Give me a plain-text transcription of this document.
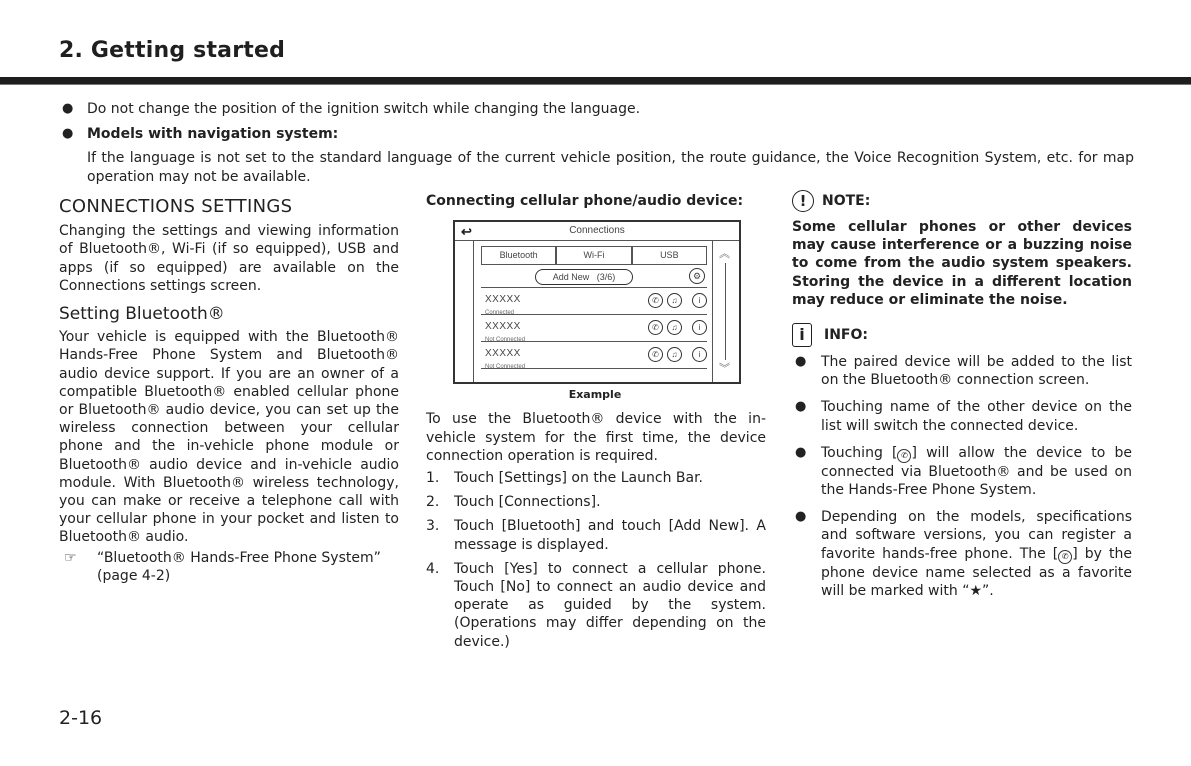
2. Getting started
● Do not change the position of the ignition switch while changing the language.
● Models with navigation system:
If the language is not set to the standard language of the current vehicle position, the route guidance, the Voice Recognition System, etc. for map operation may not be available.
CONNECTIONS SETTINGS

Changing the settings and viewing information of Bluetooth®, Wi-Fi (if so equipped), USB and apps (if so equipped) are available on the Connections settings screen.

Setting Bluetooth®

Your vehicle is equipped with the Bluetooth® Hands-Free Phone System and Bluetooth® audio device support. If you are an owner of a compatible Bluetooth® enabled cellular phone or Bluetooth® audio device, you can set up the wireless connection between your cellular phone and the in-vehicle phone module or Bluetooth® audio device and in-vehicle audio module. With Bluetooth® wireless technology, you can make or receive a telephone call with your cellular phone in your pocket and listen to Bluetooth® audio.

☞ “Bluetooth® Hands-Free Phone System” (page 4-2)
Connecting cellular phone/audio device:
↩	Connections
︽
︾
Bluetooth	Wi-Fi	USB
Add New (3/6)	⚙
XXXXX
Connected
✆	♫	i
XXXXX
Not Connected
✆	♫	i
XXXXX
Not Connected
✆	♫	i
Example

To use the Bluetooth® device with the in-vehicle system for the first time, the device connection operation is required.

1. Touch [Settings] on the Launch Bar.
2. Touch [Connections].
3. Touch [Bluetooth] and touch [Add New]. A message is displayed.
4. Touch [Yes] to connect a cellular phone. Touch [No] to connect an audio device and operate as guided by the system. (Operations may differ depending on the device.)
!	NOTE:

Some cellular phones or other devices may cause interference or a buzzing noise to come from the audio system speakers. Storing the device in a different location may reduce or eliminate the noise.

i	INFO:
● The paired device will be added to the list on the Bluetooth® connection screen.
● Touching name of the other device on the list will switch the connected device.
● Touching [ ✆ ] will allow the device to be connected via Bluetooth® and be used on the Hands-Free Phone System.
● Depending on the models, specifications and software versions, you can register a favorite hands-free phone. The [ ✆ ] by the phone device name selected as a favorite will be marked with “★”.
2-16
